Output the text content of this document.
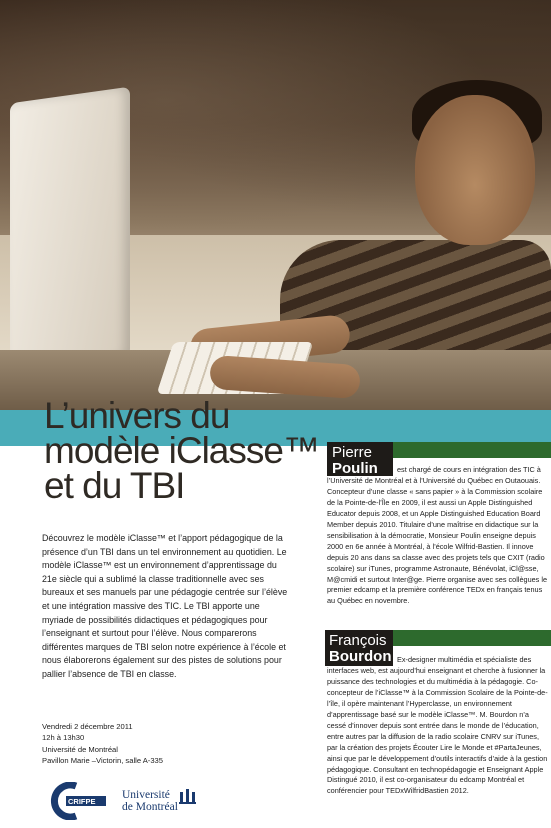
L’univers du
modèle iClasse™
et du TBI

Découvrez le modèle iClasse™ et l’apport pédagogique de la présence d’un TBI dans un tel environnement au quotidien. Le modèle iClasse™ est un environnement d’apprentissage du 21e siècle qui a sublimé la classe traditionnelle avec ses bureaux et ses manuels par une pédagogie centrée sur l’élève et une intégration massive des TIC. Le TBI apporte une myriade de possibilités didactiques et pédagogiques pour l’enseignant et surtout pour l’élève. Nous comparerons différentes marques de TBI selon notre expérience à l’école et nous élaborerons également sur des pistes de solutions pour pallier l’absence de TBI en classe.

Vendredi 2 décembre 2011
12h à 13h30
Université de Montréal
Pavillon Marie –Victorin, salle A-335
CRIFPE
Université
de Montréal
Pierre
Poulin	est chargé de cours en intégration des TIC à l’Université de Montréal et à l’Université du Québec en Outaouais. Concepteur d’une classe « sans papier » à la Commission scolaire de la Pointe-de-l’Île en 2009, il est aussi un Apple Distinguished Educator depuis 2008, et un Apple Distinguished Education Board Member depuis 2010. Titulaire d’une maîtrise en didactique sur la sensibilisation à la démocratie, Monsieur Poulin enseigne depuis 2000 en 6e année à Montréal, à l’école Wilfrid-Bastien. Il innove depuis 20 ans dans sa classe avec des projets tels que CXIT (radio scolaire) sur iTunes, programme Astronaute, Bénévolat, iCl@sse, M@cmidi et surtout Inter@ge. Pierre organise avec ses collègues le premier edcamp et la première conférence TEDx en français tenus au Québec en novembre.
François
Bourdon Ex-designer multimédia et spécialiste des interfaces web, est aujourd’hui enseignant et cherche à fusionner la puissance des technologies et du multimédia à la pédagogie. Co-concepteur de l’iClasse™ à la Commission Scolaire de la Pointe-de-l’île, il opère maintenant l’Hyperclasse, un environnement d’apprentissage basé sur le modèle iClasse™. M. Bourdon n’a cessé d’innover depuis sont entrée dans le monde de l’éducation, entre autres par la diffusion de la radio scolaire CNRV sur iTunes, par la création des projets Écouter Lire le Monde et #PartaJeunes, ainsi que par le développement d’outils interactifs d’aide à la gestion pédagogique. Consultant en technopédagogie et Enseignant Apple Distingué 2010, il est co-organisateur du edcamp Montréal et conférencier pour TEDxWilfridBastien 2012.
